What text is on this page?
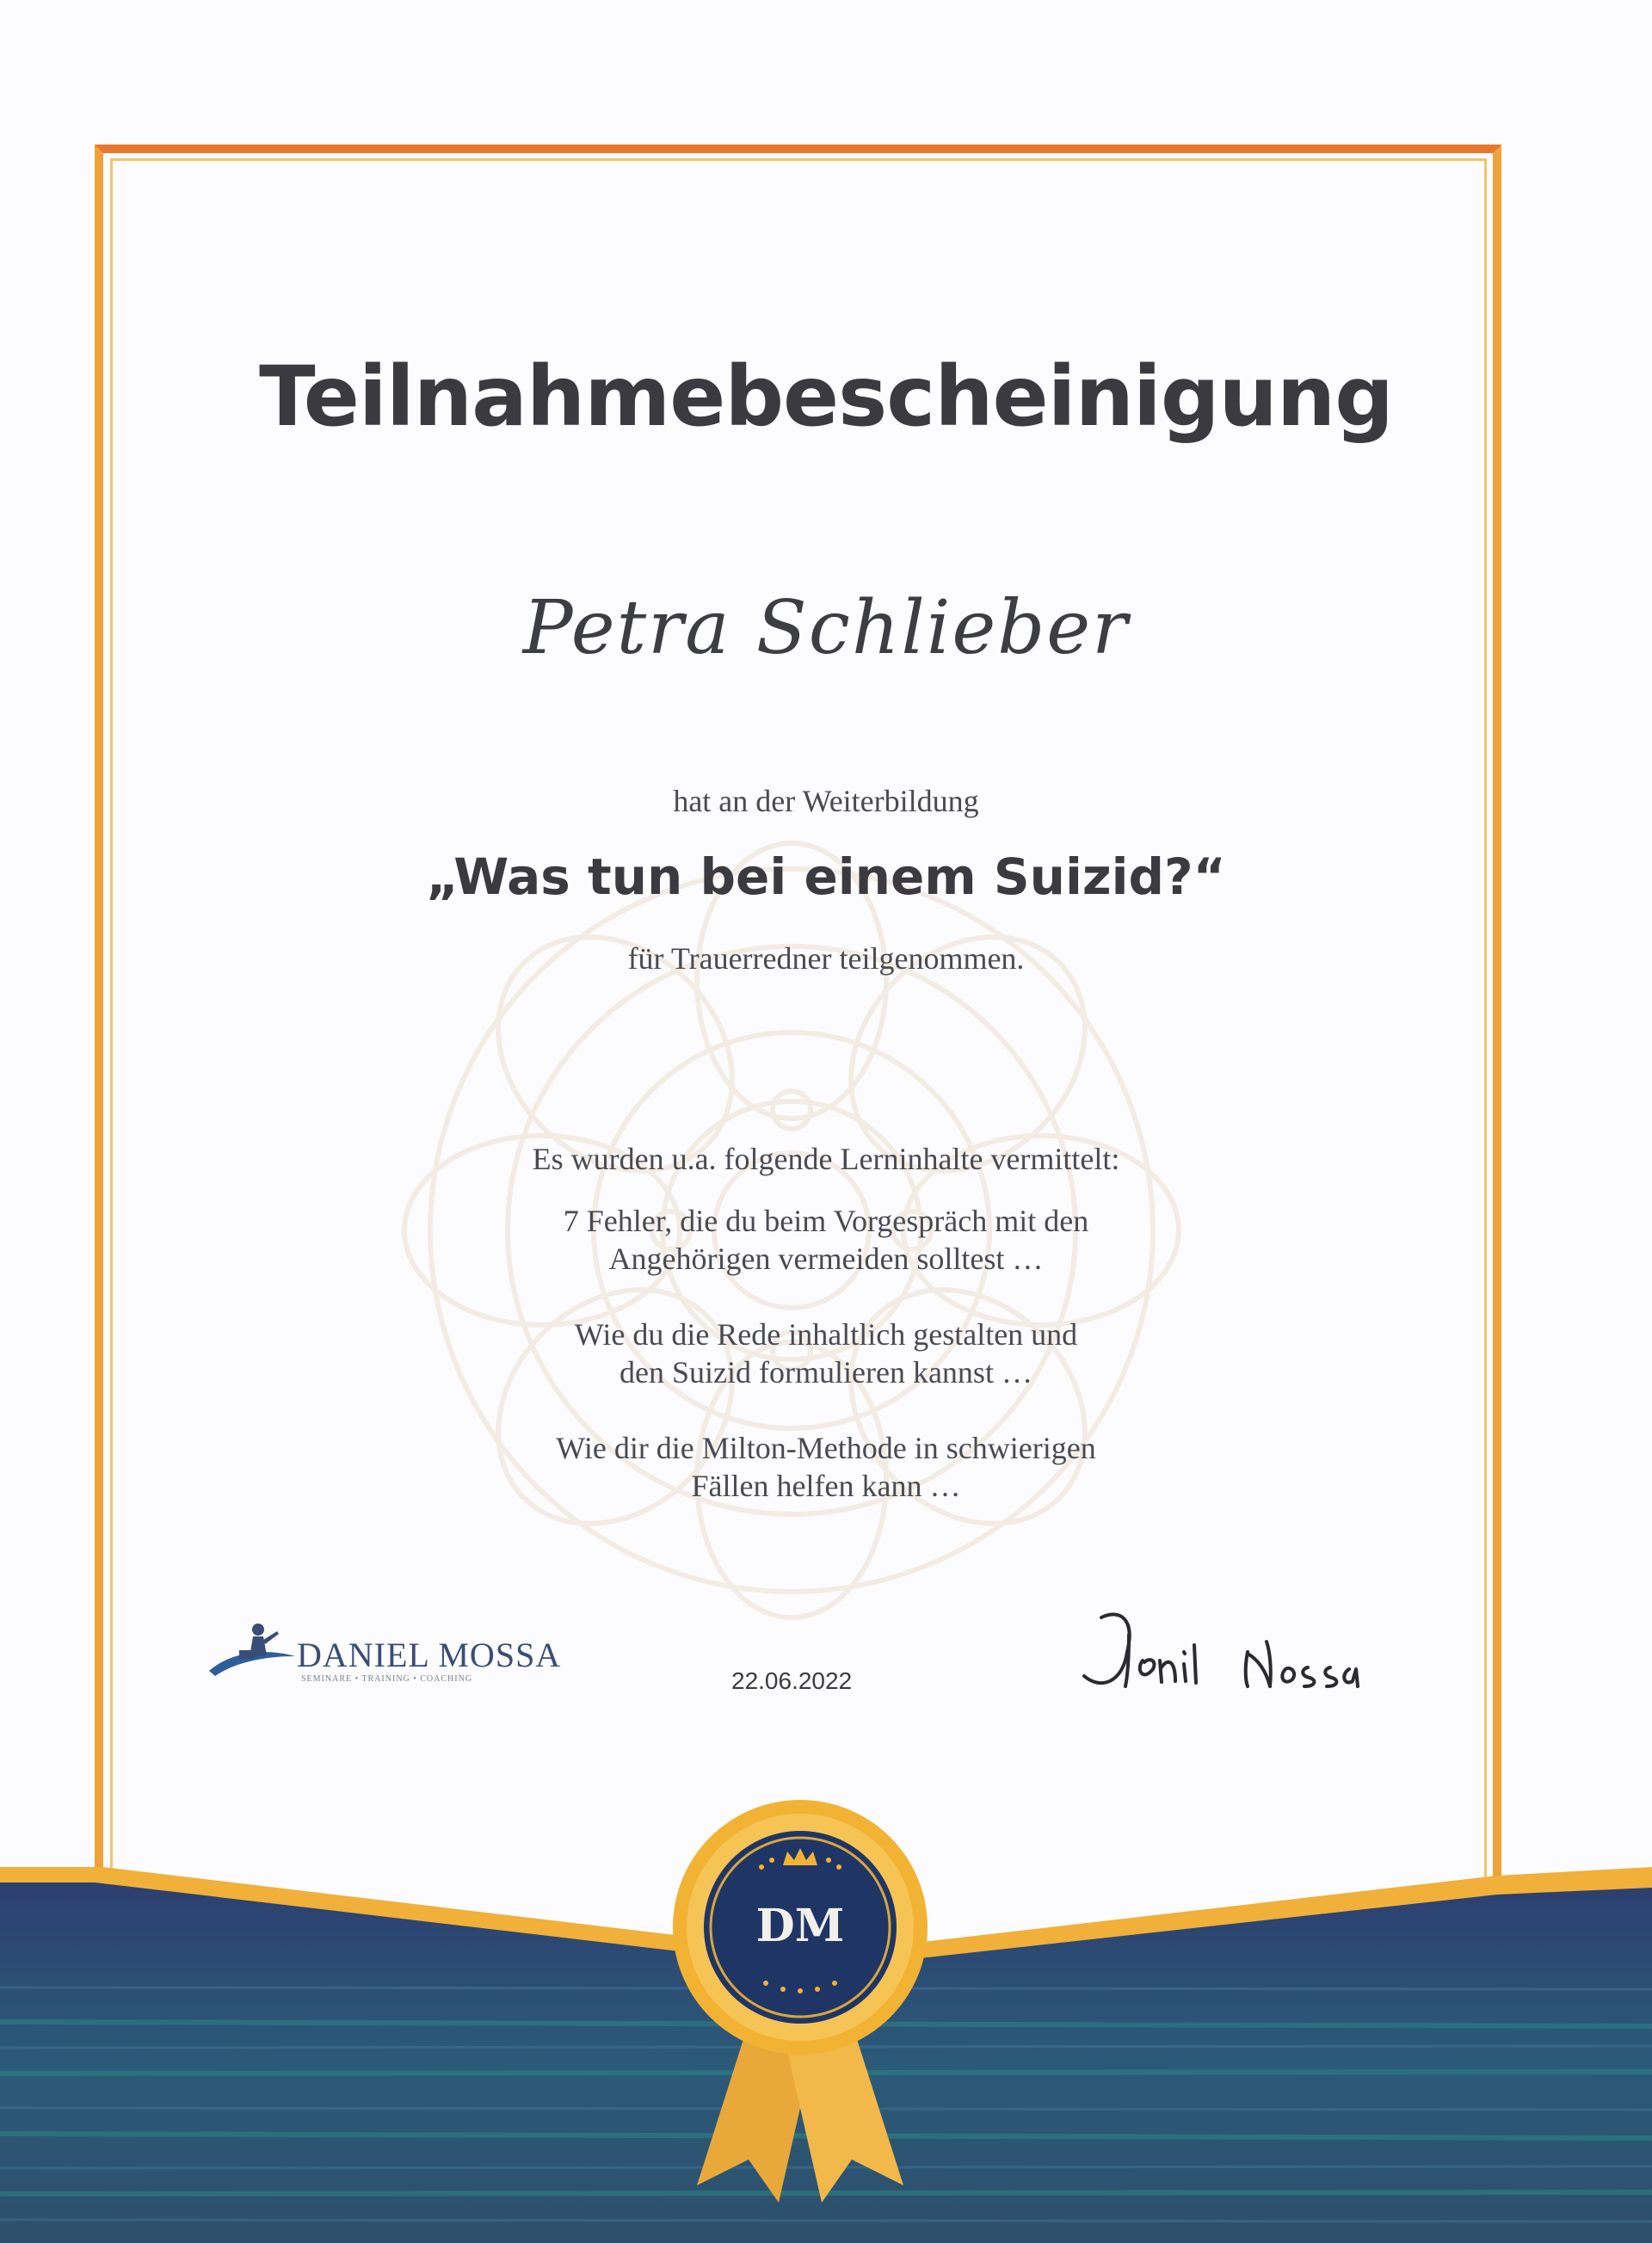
Teilnahmebescheinigung
Petra Schlieber
hat an der Weiterbildung
„Was tun bei einem Suizid?“
für Trauerredner teilgenommen.
Es wurden u.a. folgende Lerninhalte vermittelt:
7 Fehler, die du beim Vorgespräch mit den
Angehörigen vermeiden solltest …
Wie du die Rede inhaltlich gestalten und
den Suizid formulieren kannst …
Wie dir die Milton-Methode in schwierigen
Fällen helfen kann …
DANIEL MOSSA
SEMINARE • TRAINING • COACHING	22.06.2022
DM
